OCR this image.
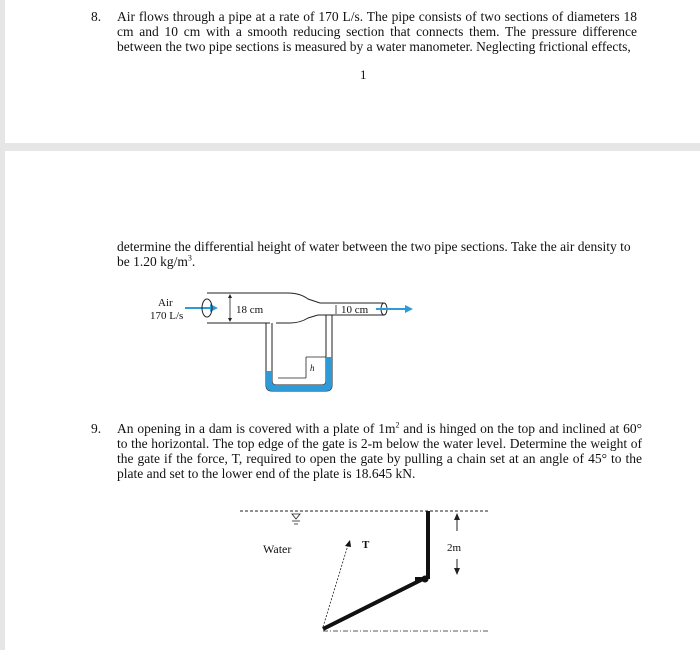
8. Air flows through a pipe at a rate of 170 L/s. The pipe consists of two sections of diameters 18 cm and 10 cm with a smooth reducing section that connects them. The pressure difference between the two pipe sections is measured by a water manometer. Neglecting frictional effects,

1

determine the differential height of water between the two pipe sections. Take the air density to
be 1.20 $kg/m^3$.

18 cm	10 cm
Air
170 L/s
h
9. An opening in a dam is covered with a plate of $1m^2$ and is hinged on the top and inclined at 60° to the horizontal. The top edge of the gate is 2-m below the water level. Determine the weight of the gate if the force, T, required to open the gate by pulling a chain set at an angle of 45° to the plate and set to the lower end of the plate is 18.645 kN.

Water	T	2m
